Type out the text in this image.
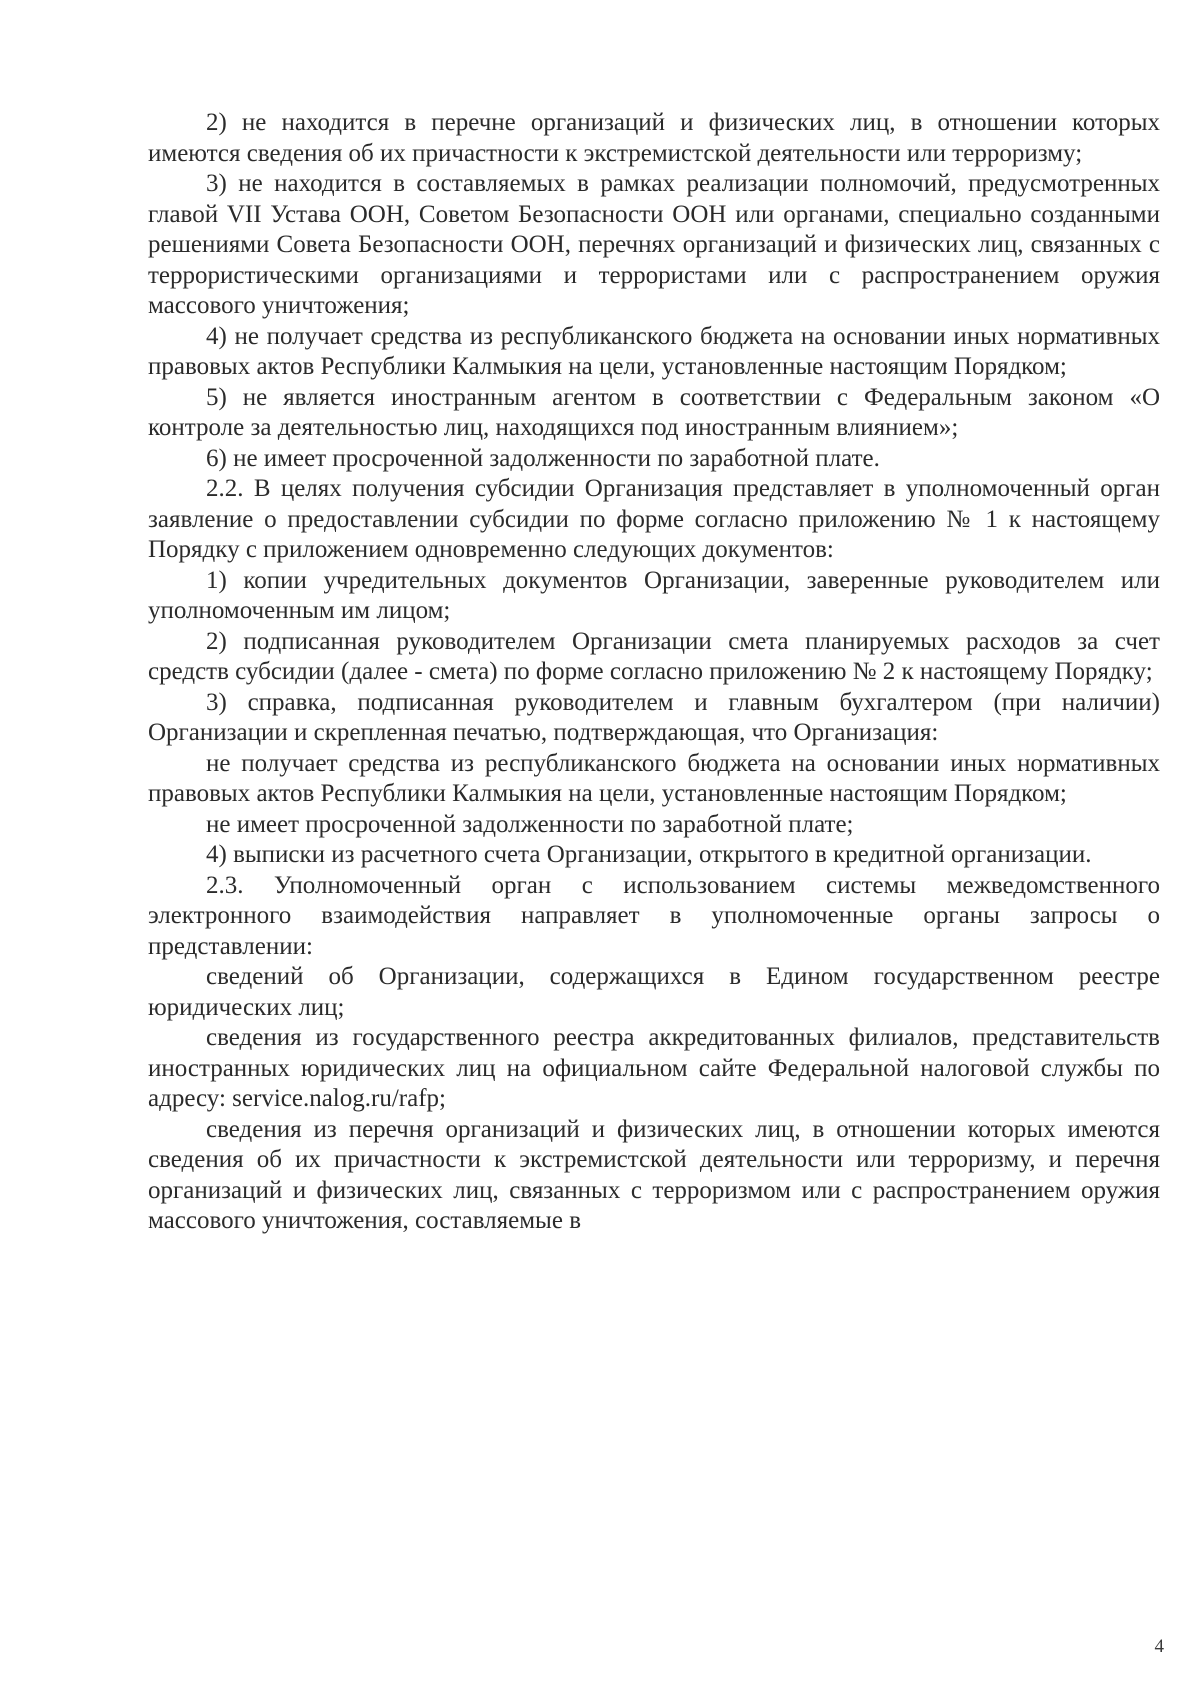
2) не находится в перечне организаций и физических лиц, в отношении которых имеются сведения об их причастности к экстремистской деятельности или терроризму;

3) не находится в составляемых в рамках реализации полномочий, предусмотренных главой VII Устава ООН, Советом Безопасности ООН или органами, специально созданными решениями Совета Безопасности ООН, перечнях организаций и физических лиц, связанных с террористическими организациями и террористами или с распространением оружия массового уничтожения;

4) не получает средства из республиканского бюджета на основании иных нормативных правовых актов Республики Калмыкия на цели, установленные настоящим Порядком;

5) не является иностранным агентом в соответствии с Федеральным законом «О контроле за деятельностью лиц, находящихся под иностранным влиянием»;

6) не имеет просроченной задолженности по заработной плате.

2.2. В целях получения субсидии Организация представляет в уполномоченный орган заявление о предоставлении субсидии по форме согласно приложению № 1 к настоящему Порядку с приложением одновременно следующих документов:

1) копии учредительных документов Организации, заверенные руководителем или уполномоченным им лицом;

2) подписанная руководителем Организации смета планируемых расходов за счет средств субсидии (далее - смета) по форме согласно приложению № 2 к настоящему Порядку;

3) справка, подписанная руководителем и главным бухгалтером (при наличии) Организации и скрепленная печатью, подтверждающая, что Организация:

не получает средства из республиканского бюджета на основании иных нормативных правовых актов Республики Калмыкия на цели, установленные настоящим Порядком;

не имеет просроченной задолженности по заработной плате;

4) выписки из расчетного счета Организации, открытого в кредитной организации.

2.3. Уполномоченный орган с использованием системы межведомственного электронного взаимодействия направляет в уполномоченные органы запросы о представлении:

сведений об Организации, содержащихся в Едином государственном реестре юридических лиц;

сведения из государственного реестра аккредитованных филиалов, представительств иностранных юридических лиц на официальном сайте Федеральной налоговой службы по адресу: service.nalog.ru/rafp;

сведения из перечня организаций и физических лиц, в отношении которых имеются сведения об их причастности к экстремистской деятельности или терроризму, и перечня организаций и физических лиц, связанных с терроризмом или с распространением оружия массового уничтожения, составляемые в

4
